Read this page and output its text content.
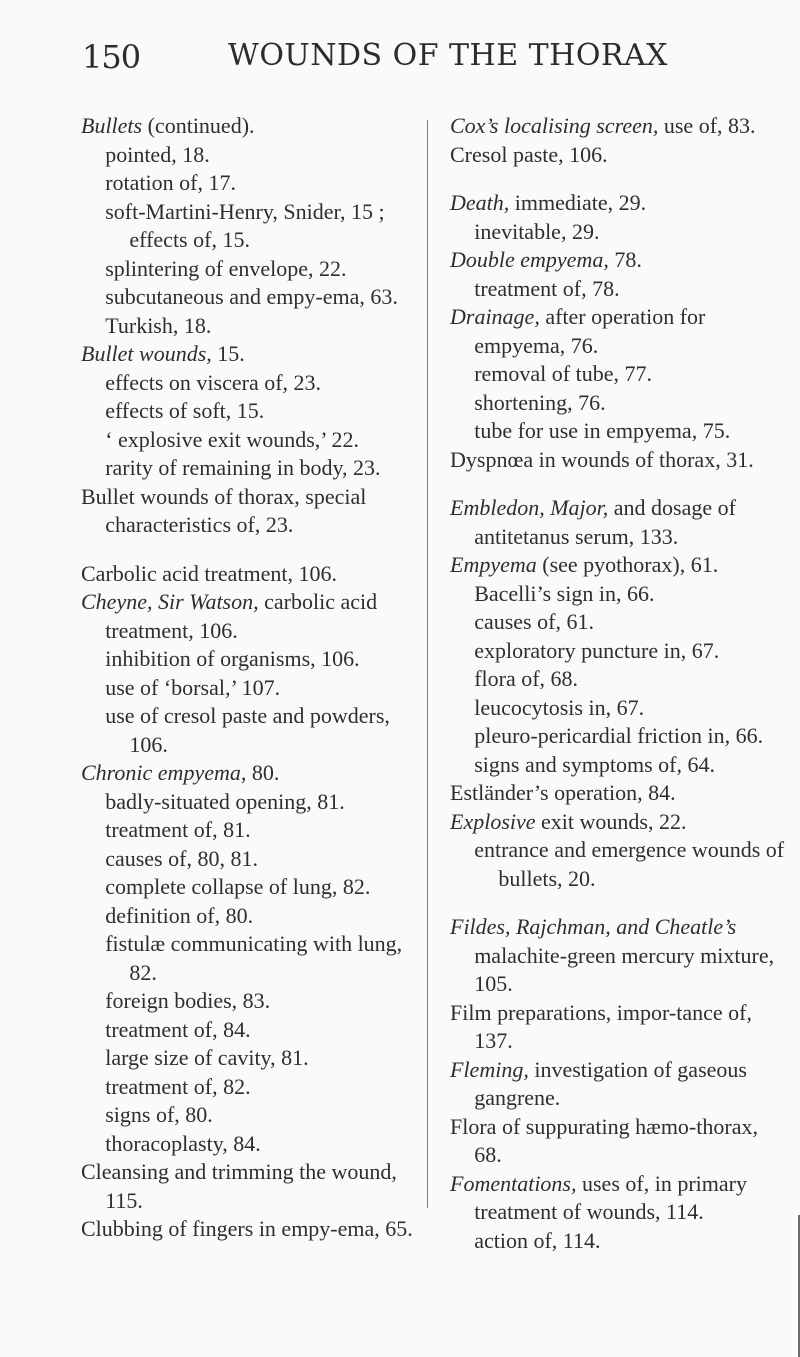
150	WOUNDS OF THE THORAX

Bullets (continued).

pointed, 18.

rotation of, 17.

soft-Martini-Henry, Snider, 15 ; effects of, 15.

splintering of envelope, 22.

subcutaneous and empy-ema, 63.

Turkish, 18.

Bullet wounds, 15.

effects on viscera of, 23.

effects of soft, 15.

‘ explosive exit wounds,’ 22.

rarity of remaining in body, 23.

Bullet wounds of thorax, special characteristics of, 23.

Carbolic acid treatment, 106.

Cheyne, Sir Watson, carbolic acid treatment, 106.

inhibition of organisms, 106.

use of ‘borsal,’ 107.

use of cresol paste and powders, 106.

Chronic empyema, 80.

badly-situated opening, 81.

treatment of, 81.

causes of, 80, 81.

complete collapse of lung, 82.

definition of, 80.

fistulæ communicating with lung, 82.

foreign bodies, 83.

treatment of, 84.

large size of cavity, 81.

treatment of, 82.

signs of, 80.

thoracoplasty, 84.

Cleansing and trimming the wound, 115.

Clubbing of fingers in empy-ema, 65.

Cox’s localising screen, use of, 83.

Cresol paste, 106.

Death, immediate, 29.

inevitable, 29.

Double empyema, 78.

treatment of, 78.

Drainage, after operation for empyema, 76.

removal of tube, 77.

shortening, 76.

tube for use in empyema, 75.

Dyspnœa in wounds of thorax, 31.

Embledon, Major, and dosage of antitetanus serum, 133.

Empyema (see pyothorax), 61.

Bacelli’s sign in, 66.

causes of, 61.

exploratory puncture in, 67.

flora of, 68.

leucocytosis in, 67.

pleuro-pericardial friction in, 66.

signs and symptoms of, 64.

Estländer’s operation, 84.

Explosive exit wounds, 22.

entrance and emergence wounds of bullets, 20.

Fildes, Rajchman, and Cheatle’s malachite-green mercury mixture, 105.

Film preparations, impor-tance of, 137.

Fleming, investigation of gaseous gangrene.

Flora of suppurating hæmo-thorax, 68.

Fomentations, uses of, in primary treatment of wounds, 114.

action of, 114.
